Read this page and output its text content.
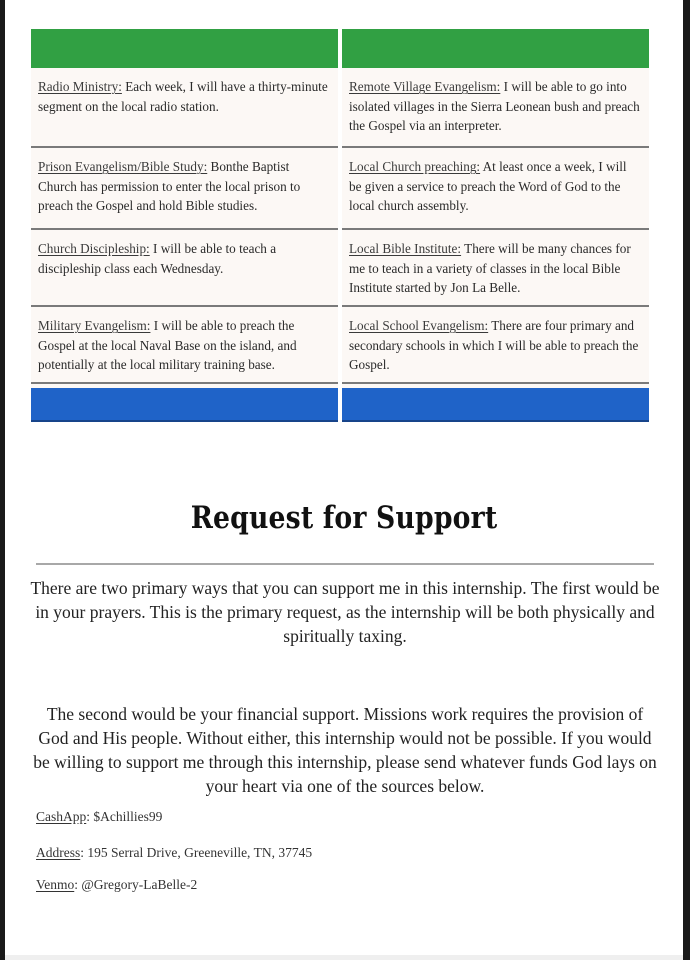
Radio Ministry: Each week, I will have a thirty-minute segment on the local radio station.
Prison Evangelism/Bible Study: Bonthe Baptist Church has permission to enter the local prison to preach the Gospel and hold Bible studies.
Church Discipleship: I will be able to teach a discipleship class each Wednesday.
Military Evangelism: I will be able to preach the Gospel at the local Naval Base on the island, and potentially at the local military training base.
Remote Village Evangelism: I will be able to go into isolated villages in the Sierra Leonean bush and preach the Gospel via an interpreter.
Local Church preaching: At least once a week, I will be given a service to preach the Word of God to the local church assembly.
Local Bible Institute: There will be many chances for me to teach in a variety of classes in the local Bible Institute started by Jon La Belle.
Local School Evangelism: There are four primary and secondary schools in which I will be able to preach the Gospel.
Request for Support
There are two primary ways that you can support me in this internship. The first would be in your prayers. This is the primary request, as the internship will be both physically and spiritually taxing.
The second would be your financial support. Missions work requires the provision of God and His people. Without either, this internship would not be possible. If you would be willing to support me through this internship, please send whatever funds God lays on your heart via one of the sources below.
CashApp: $Achillies99
Address: 195 Serral Drive, Greeneville, TN, 37745
Venmo: @Gregory-LaBelle-2
